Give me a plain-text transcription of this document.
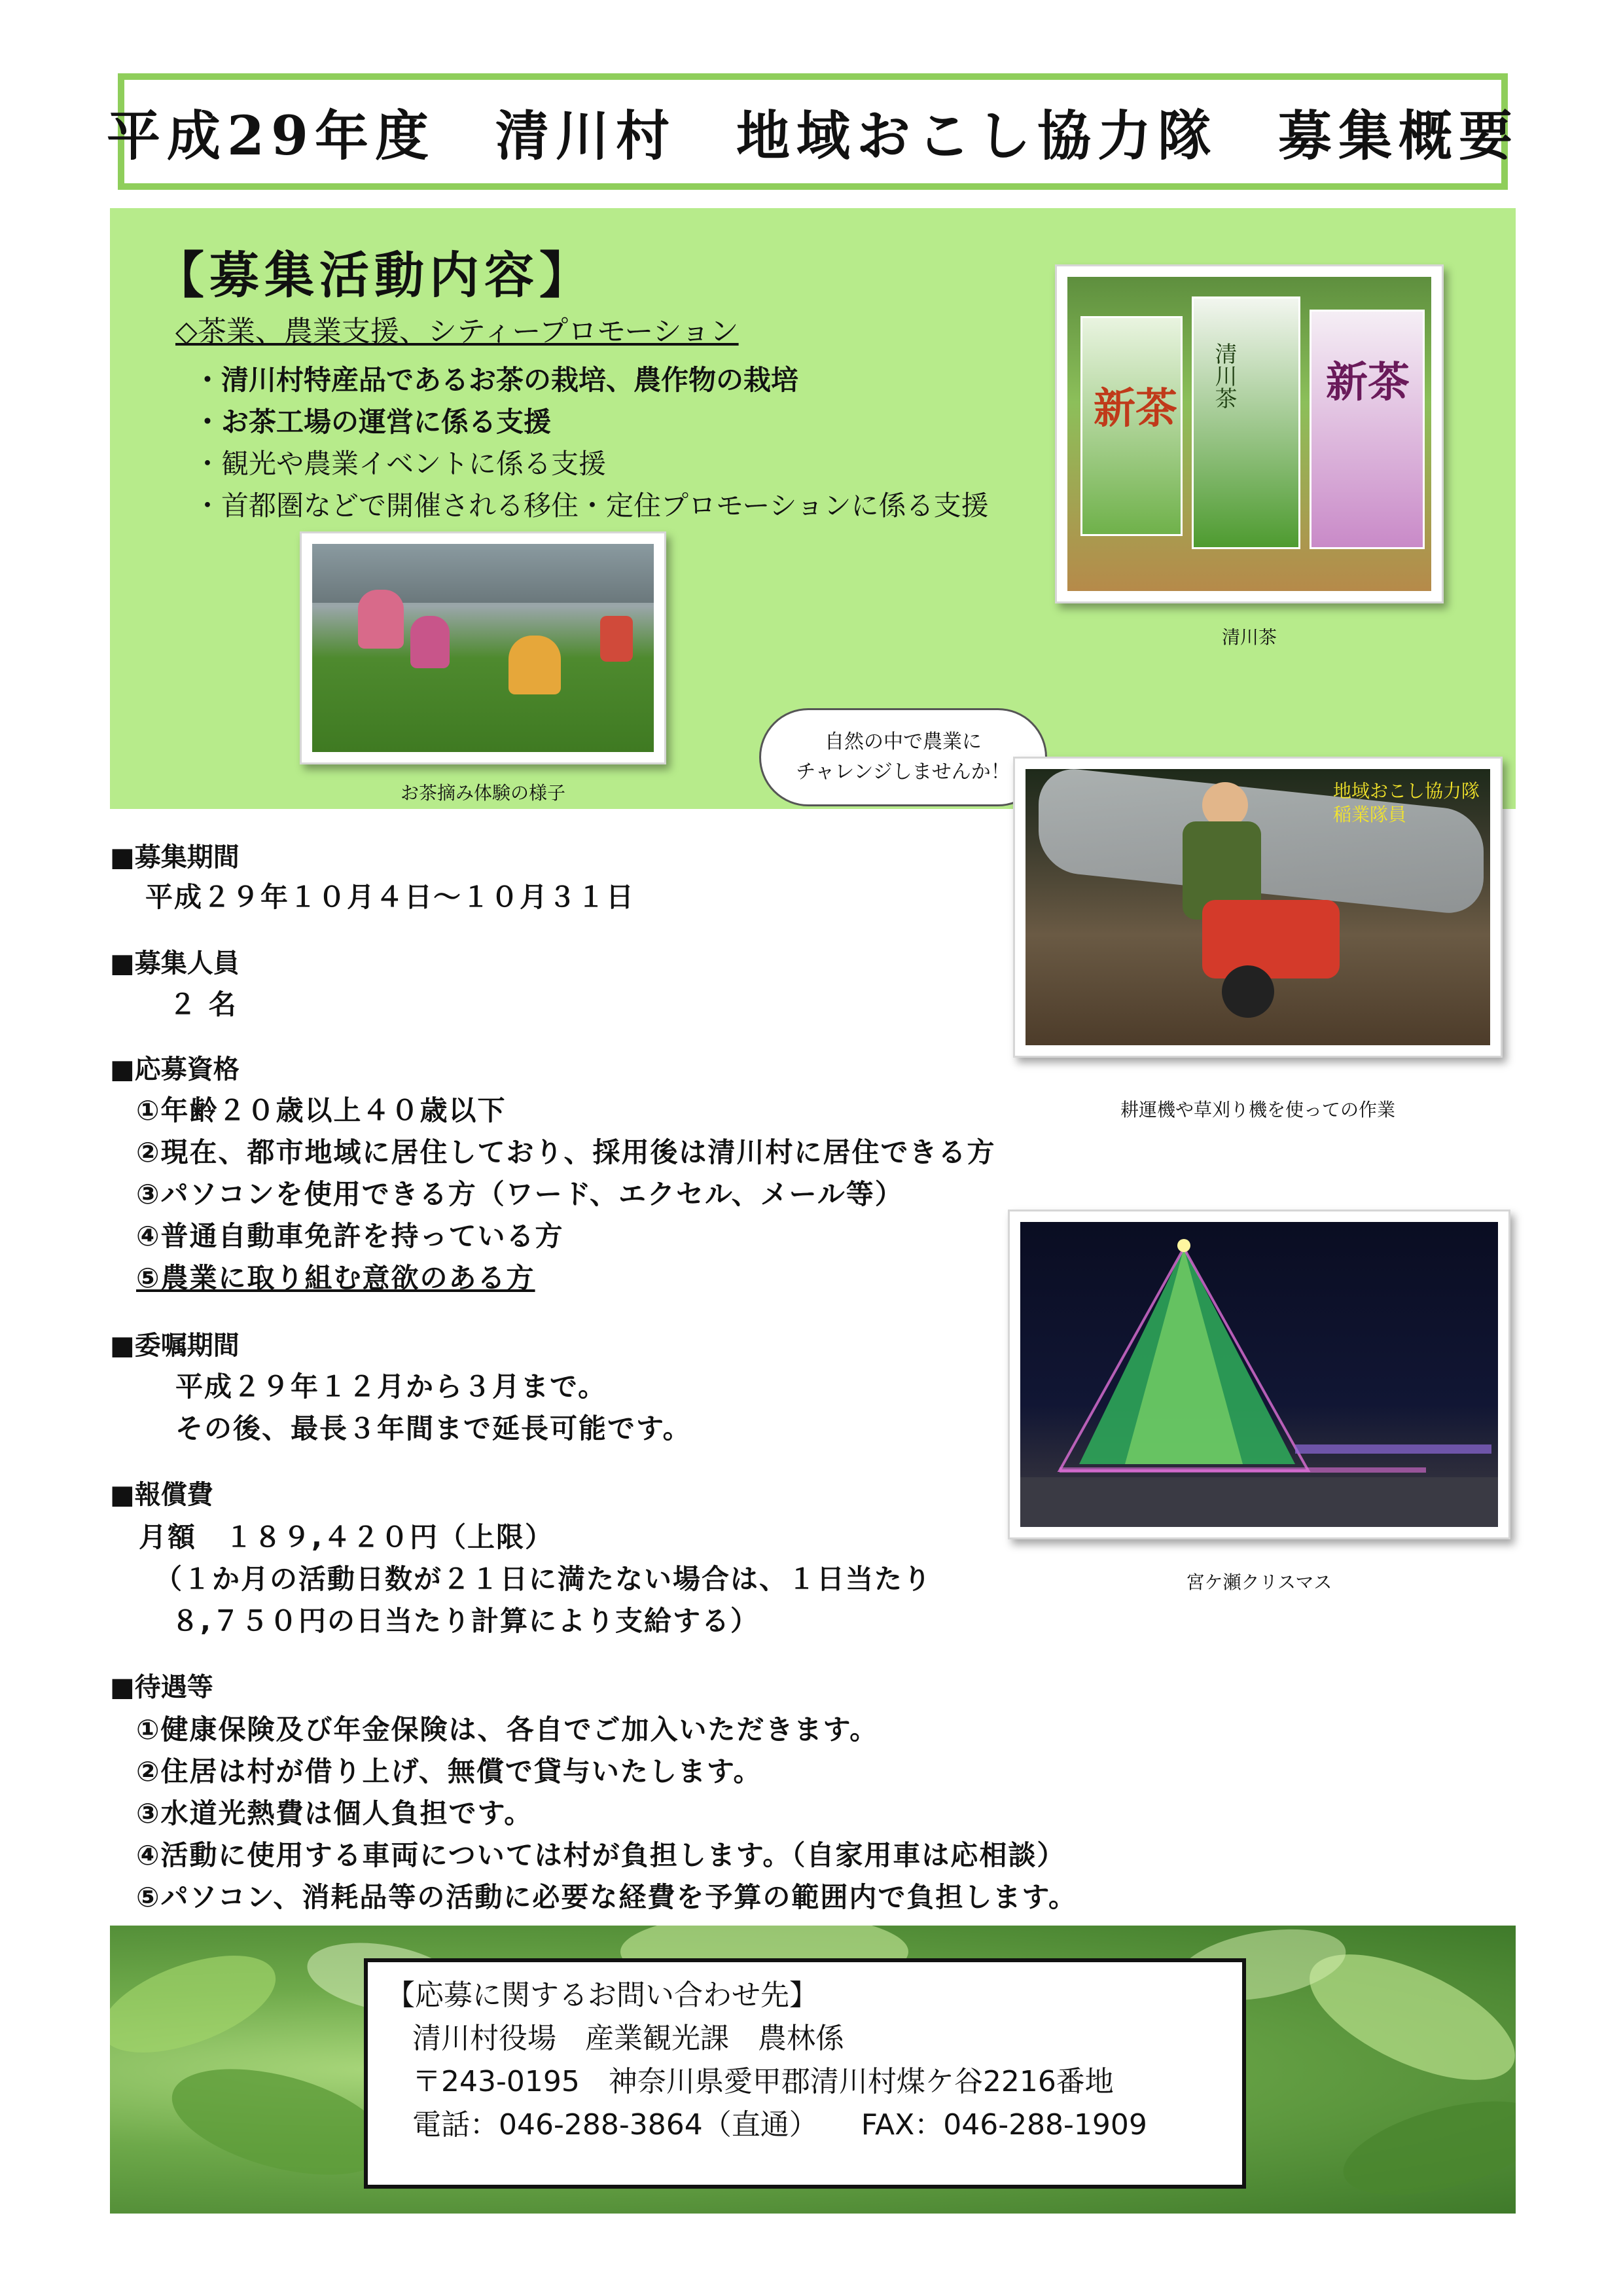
平成29年度　清川村　地域おこし協力隊　募集概要
【募集活動内容】
◇茶業、農業支援、シティープロモーション
・清川村特産品であるお茶の栽培、農作物の栽培
・お茶工場の運営に係る支援
・観光や農業イベントに係る支援
・首都圏などで開催される移住・定住プロモーションに係る支援
新茶 清川茶 新茶
清川茶
お茶摘み体験の様子
自然の中で農業に
チャレンジしませんか！
地域おこし協力隊
稲業隊員
耕運機や草刈り機を使っての作業
宮ケ瀬クリスマス
■募集期間
平成２９年１０月４日～１０月３１日
■募集人員
２ 名
■応募資格
①年齢２０歳以上４０歳以下
②現在、都市地域に居住しており、採用後は清川村に居住できる方
③パソコンを使用できる方（ワード、エクセル、メール等）
④普通自動車免許を持っている方
⑤農業に取り組む意欲のある方
■委嘱期間
平成２９年１２月から３月まで。
その後、最長３年間まで延長可能です。
■報償費
月額　１８９,４２０円（上限）
（１か月の活動日数が２１日に満たない場合は、１日当たり
８,７５０円の日当たり計算により支給する）
■待遇等
①健康保険及び年金保険は、各自でご加入いただきます。
②住居は村が借り上げ、無償で貸与いたします。
③水道光熱費は個人負担です。
④活動に使用する車両については村が負担します。（自家用車は応相談）
⑤パソコン、消耗品等の活動に必要な経費を予算の範囲内で負担します。
【応募に関するお問い合わせ先】
清川村役場　産業観光課　農林係
〒243-0195　神奈川県愛甲郡清川村煤ケ谷2216番地
電話：046-288-3864（直通）　　FAX：046-288-1909
